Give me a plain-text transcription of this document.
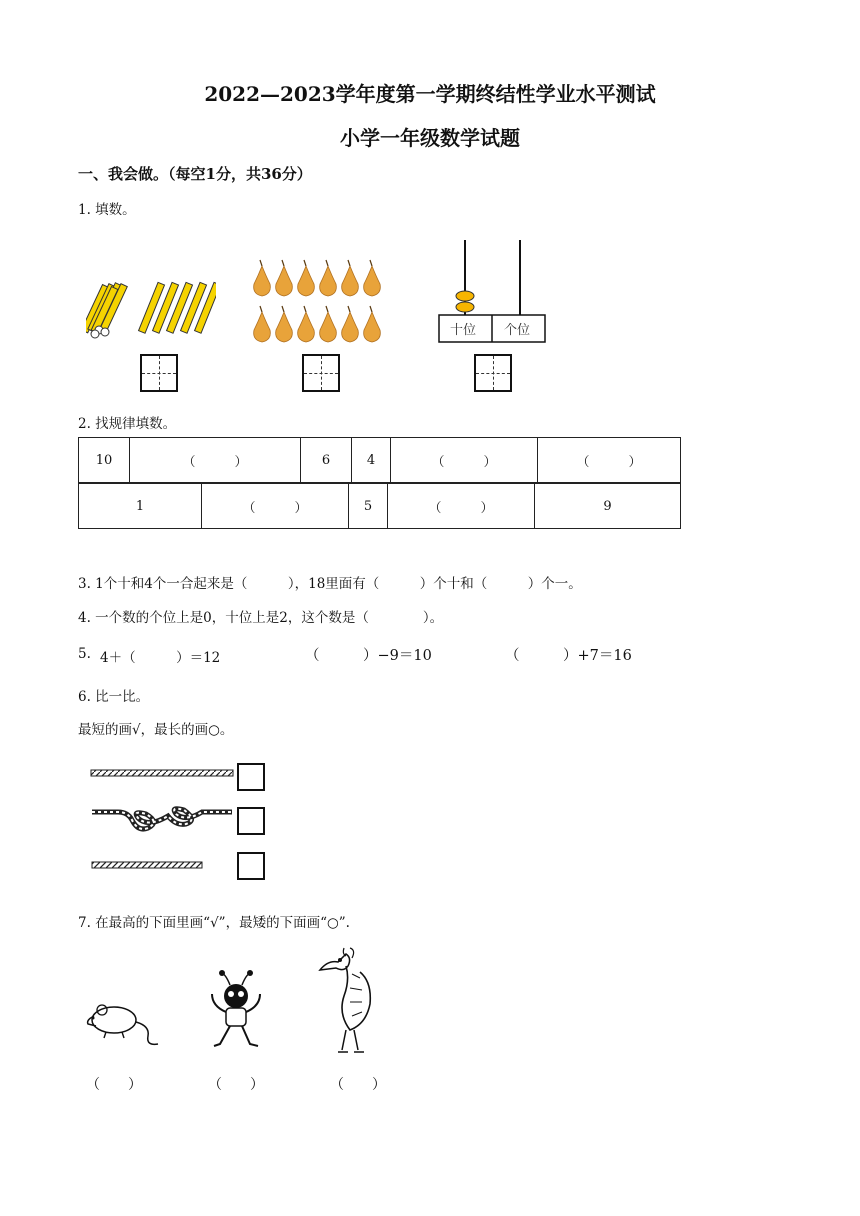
2022—2023学年度第一学期终结性学业水平测试
小学一年级数学试题
一、我会做。（每空1分，共36分）
1. 填数。
十位 个位
2. 找规律填数。
10	（　　　）	6	4	（　　　）	（　　　）
1	（　　　）	5	（　　　）	9
3. 1个十和4个一合起来是（　　　），18里面有（　　　）个十和（　　　）个一。
4. 一个数的个位上是0，十位上是2，这个数是（　　　　）。
5. 4＋（　　　）＝12	（　　　）−9＝10	（　　　）+7＝16
6. 比一比。
最短的画√，最长的画○。
7. 在最高的下面里画“√”，最矮的下面画“○”.
（　　）	（　　）	（　　）
